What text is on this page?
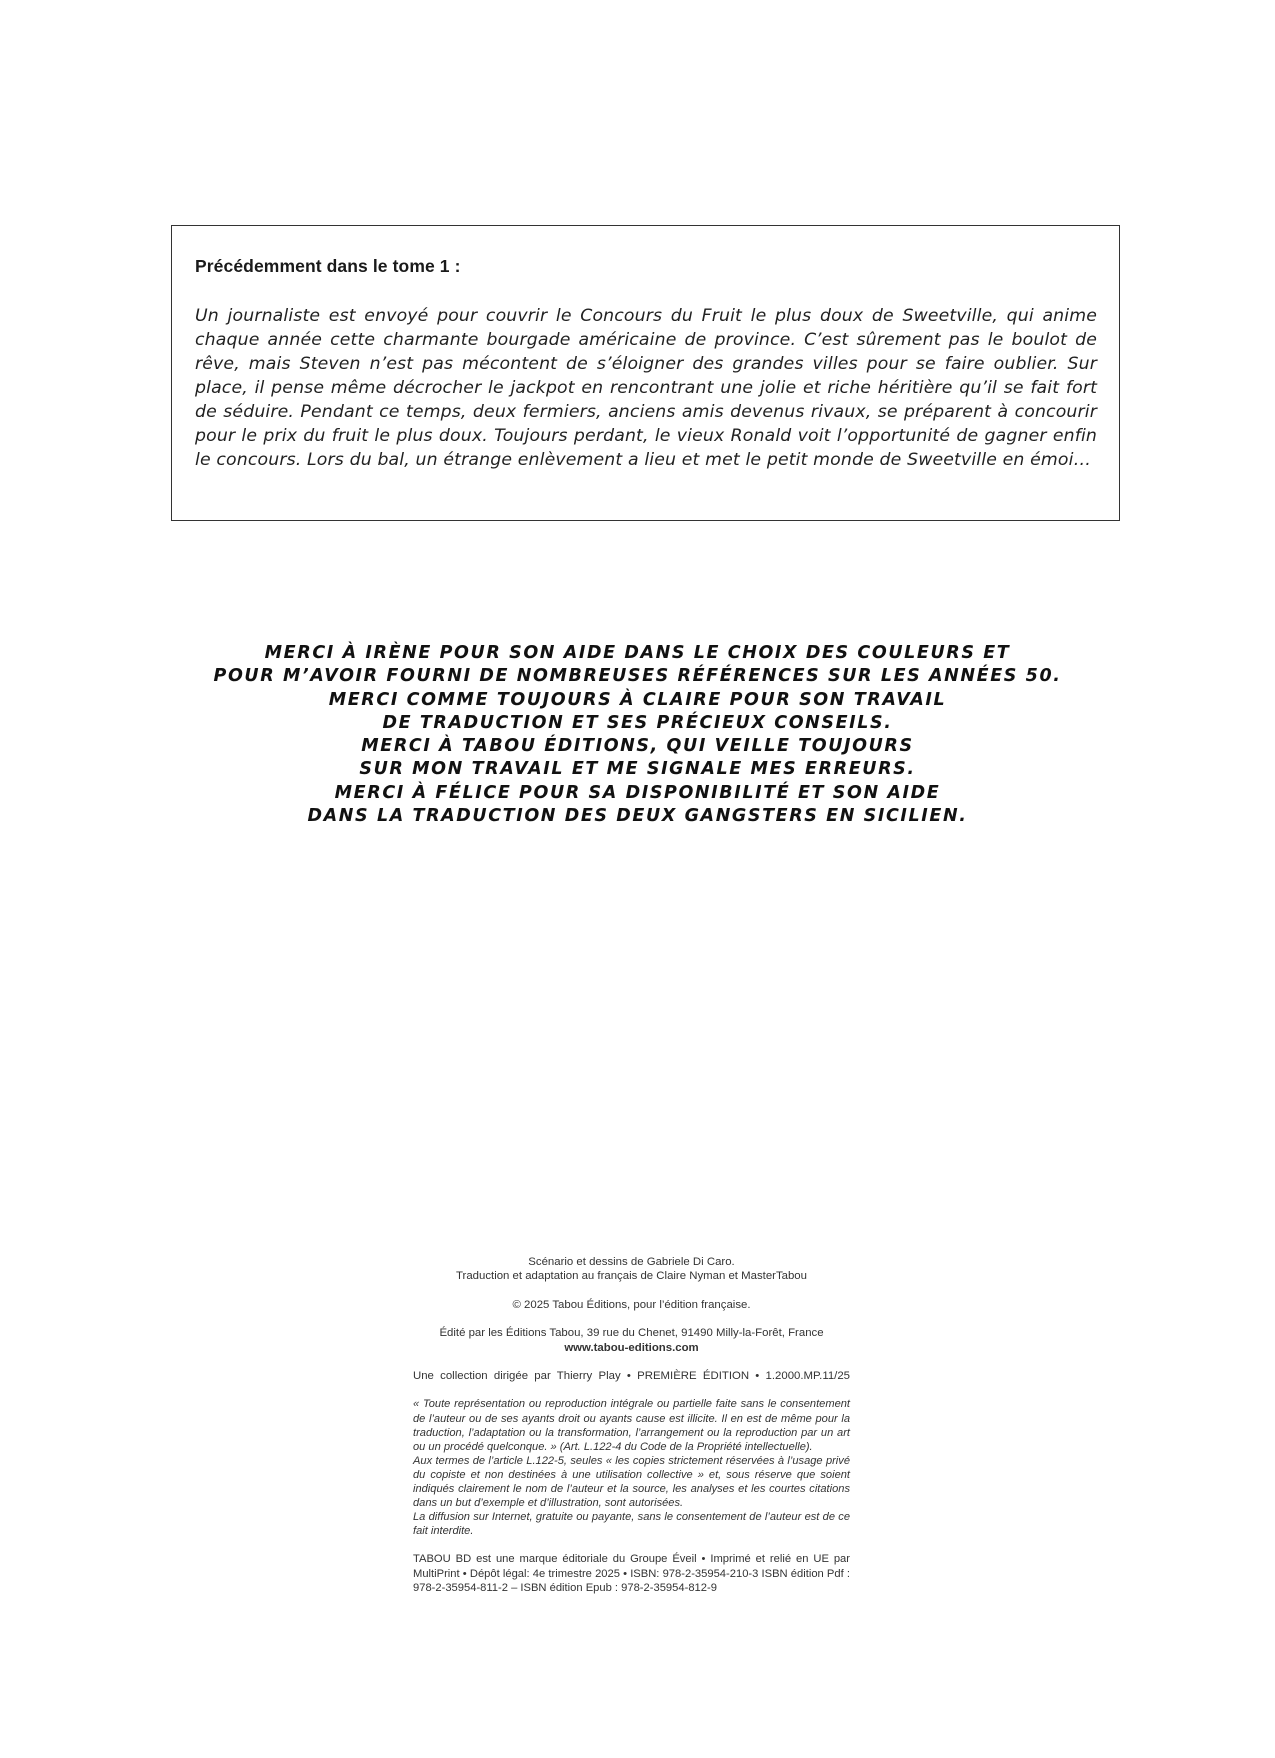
Précédemment dans le tome 1 :

Un journaliste est envoyé pour couvrir le Concours du Fruit le plus doux de Sweetville, qui anime chaque année cette charmante bourgade américaine de province. C’est sûrement pas le boulot de rêve, mais Steven n’est pas mécontent de s’éloigner des grandes villes pour se faire oublier. Sur place, il pense même décrocher le jackpot en rencontrant une jolie et riche héritière qu’il se fait fort de séduire. Pendant ce temps, deux fermiers, anciens amis devenus rivaux, se préparent à concourir pour le prix du fruit le plus doux. Toujours perdant, le vieux Ronald voit l’opportunité de gagner enfin le concours. Lors du bal, un étrange enlèvement a lieu et met le petit monde de Sweetville en émoi…

MERCI À IRÈNE POUR SON AIDE DANS LE CHOIX DES COULEURS ET
POUR M’AVOIR FOURNI DE NOMBREUSES RÉFÉRENCES SUR LES ANNÉES 50.
MERCI COMME TOUJOURS À CLAIRE POUR SON TRAVAIL
DE TRADUCTION ET SES PRÉCIEUX CONSEILS.
MERCI À TABOU ÉDITIONS, QUI VEILLE TOUJOURS
SUR MON TRAVAIL ET ME SIGNALE MES ERREURS.
MERCI À FÉLICE POUR SA DISPONIBILITÉ ET SON AIDE
DANS LA TRADUCTION DES DEUX GANGSTERS EN SICILIEN.
Scénario et dessins de Gabriele Di Caro.
Traduction et adaptation au français de Claire Nyman et MasterTabou
© 2025 Tabou Éditions, pour l’édition française.
Édité par les Éditions Tabou, 39 rue du Chenet, 91490 Milly-la-Forêt, France
www.tabou-editions.com
Une collection dirigée par Thierry Play • PREMIÈRE ÉDITION • 1.2000.MP.11/25
« Toute représentation ou reproduction intégrale ou partielle faite sans le consentement de l’auteur ou de ses ayants droit ou ayants cause est illicite. Il en est de même pour la traduction, l’adaptation ou la transformation, l’arrangement ou la reproduction par un art ou un procédé quelconque. » (Art. L.122-4 du Code de la Propriété intellectuelle).
Aux termes de l’article L.122-5, seules « les copies strictement réservées à l’usage privé du copiste et non destinées à une utilisation collective » et, sous réserve que soient indiqués clairement le nom de l’auteur et la source, les analyses et les courtes citations dans un but d’exemple et d’illustration, sont autorisées.
La diffusion sur Internet, gratuite ou payante, sans le consentement de l’auteur est de ce fait interdite.
TABOU BD est une marque éditoriale du Groupe Éveil • Imprimé et relié en UE par MultiPrint • Dépôt légal: 4e trimestre 2025 • ISBN: 978-2-35954-210-3 ISBN édition Pdf : 978-2-35954-811-2 – ISBN édition Epub : 978-2-35954-812-9
